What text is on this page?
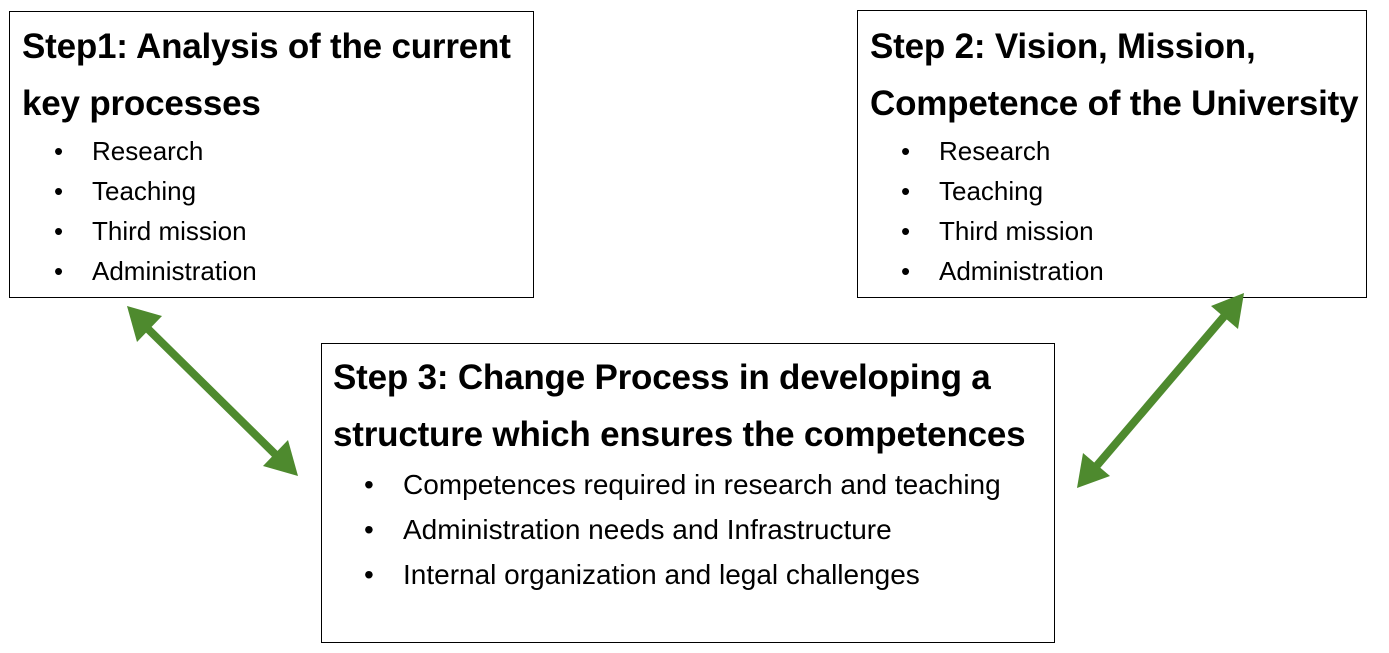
Step1: Analysis of the current
key processes
• Research
• Teaching
• Third mission
• Administration
Step 2: Vision, Mission,
Competence of the University
• Research
• Teaching
• Third mission
• Administration
Step 3: Change Process in developing a
structure which ensures the competences
• Competences required in research and teaching
• Administration needs and Infrastructure
• Internal organization and legal challenges
